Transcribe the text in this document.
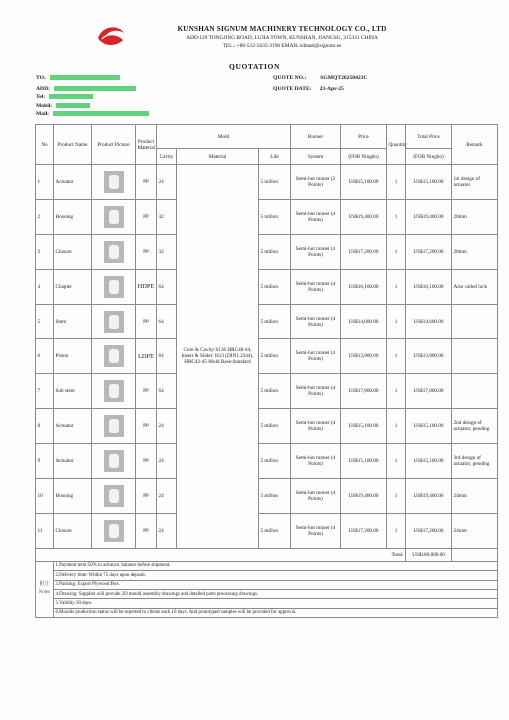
KUNSHAN SIGNUM MACHINERY TECHNOLOGY CO., LTD
ADD:120 TONGJING ROAD, LUJIA TOWN, KUNSHAN, JIANGSU, 215331 CHINA
TEL.: +86-512-5035-3196 EMAIL:sdmatt@signum.ee
QUOTATION
TO:
ADD:
Tel:
Mobil:
Mail:
QUOTE NO.:	SGMQT20250423C
QUOTE DATE: 23-Apr-25
No	Product Name	Product Picture	Product Material	Mold			Runner	Price	Quantity	Total Price	Remark
				Cavity	Material	Life	System	(FOB Ningbo)		(FOB Ningbo)	
1	Actuator		PP	24	Core & Cavity:S136 HRC40-44, Insert & Slider: H13 (DIN1.2344), HRC42-45 Mold Base:Standard	5 millon	Semi-hot runner (2 Points)	US$15,100.00	1	US$15,100.00	1st design of actuator
2	Housing		PP	32		5 millon	Semi-hot runner (4 Points)	US$19,400.00	1	US$19,400.00	28mm
3	Closure		PP	32		5 millon	Semi-hot runner (4 Points)	US$17,200.00	1	US$17,200.00	28mm
4	Chaplet		HDPE	64		5 millon	Semi-hot runner (4 Points)	US$16,100.00	1	US$16,100.00	Also called lock
5	Stem		PP	64		5 millon	Semi-hot runner (4 Points)	US$14,600.00	1	US$14,600.00	
6	Piston		LDPE	64		5 millon	Semi-hot runner (4 Points)	US$13,800.00	1	US$13,800.00	
7	Sub stem		PP	64		5 millon	Semi-hot runner (4 Points)	US$17,800.00	1	US$17,800.00	
8	Actuator		PP	24		5 millon	Semi-hot runner (4 Points)	US$15,100.00	1	US$15,100.00	2nd design of actuator, pending
9	Actuator		PP	24		5 millon	Semi-hot runner (4 Points)	US$15,100.00	1	US$15,100.00	3rd design of actuator, pending
10	Housing		PP	24		5 millon	Semi-hot runner (4 Points)	US$19,400.00	1	US$19,400.00	24mm
11	Closure		PP	24		5 millon	Semi-hot runner (4 Points)	US$17,200.00	1	US$17,200.00	24mm
Total:										US$180,800.00	
附注 Notes	1.Payment term:50% in advance, balance before shipment.										
	2.Delivery time: Within 75 days upon deposit.										
	3.Packing: Export Plywood Box.										
	4.Drawing: Supplier will provide 2D mould assembly drawings and detailed parts processing drawings.										
	5.Validity:30 days.										
	6.Moulds production status will be reported to clients each 10 days. And prototyped samples will be provided for approval.										
